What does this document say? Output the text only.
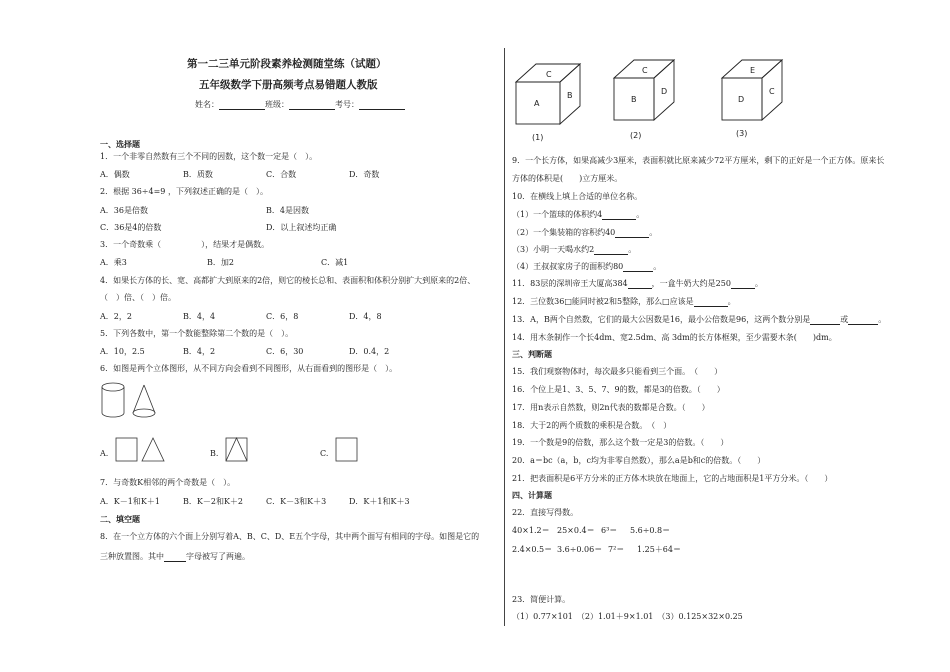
第一二三单元阶段素养检测随堂练（试题）
五年级数学下册高频考点易错题人教版
姓名：	班级：	考号：
一、选择题
1．一个非零自然数有三个不同的因数，这个数一定是（　）。
A．偶数	B．质数	C．合数	D．奇数
2．根据 36÷4=9 ，下列叙述正确的是（　）。
A．36是倍数	B．4是因数
C．36是4的倍数	D．以上叙述均正确
3．一个奇数乘（　　　　　），结果才是偶数。
A．乘3	B．加2	C．减1
4．如果长方体的长、宽、高都扩大到原来的2倍，则它的棱长总和、表面积和体积分别扩大到原来的2倍、
（　）倍、（　）倍。
A．2，2	B．4，4	C．6，8	D．4，8
5．下列各数中，第一个数能整除第二个数的是（　）。
A．10，2.5	B．4，2	C．6，30	D．0.4，2
6．如图是两个立体图形，从不同方向会看到不同图形，从右面看到的图形是（　）。
A.	B.	C.
7．与奇数K相邻的两个奇数是（　）。
A．K－1和K＋1	B．K－2和K＋2	C．K－3和K＋3	D．K＋1和K＋3
二、填空题
8．在一个立方体的六个面上分别写着A、B、C、D、E五个字母，其中两个面写有相同的字母。如图是它的
三种放置图。其中	字母被写了两遍。
C
A
B
(1)
C
B
D
(2)
E
D
C
(3)
9．一个长方体，如果高减少3厘米，表面积就比原来减少72平方厘米，剩下的正好是一个正方体。原来长
方体的体积是(　　)立方厘米。
10．在横线上填上合适的单位名称。
（1）一个篮球的体积约4	。
（2）一个集装箱的容积约40	。
（3）小明一天喝水约2	。
（4）王叔叔家房子的面积约80	。
11．83层的深圳帝王大厦高384	，一盒牛奶大约是250	。
12．三位数36□能同时被2和5整除，那么□应该是	。
13．A，B两个自然数，它们的最大公因数是16，最小公倍数是96，这两个数分别是	或	。
14．用木条制作一个长4dm、宽2.5dm、高 3dm的长方体框架，至少需要木条(　　)dm。
三、判断题
15．我们观察物体时，每次最多只能看到三个面。　（　　）
16．个位上是1、3、5、7、9的数，都是3的倍数。（　　）
17．用n表示自然数，则2n代表的数都是合数。（　　）
18．大于2的两个质数的乘积是合数。　（　）
19．一个数是9的倍数，那么这个数一定是3的倍数。（　　）
20．a＝bc（a，b，c均为非零自然数），那么a是b和c的倍数。（　　）
21．把表面积是6平方分米的正方体木块放在地面上，它的占地面积是1平方分米。（　　）
四、计算题
22．直接写得数。
40×1.2＝ 25×0.4＝ 6³＝ 5.6÷0.8＝
2.4×0.5＝ 3.6÷0.06＝ 7²＝ 1.25＋64＝
23．简便计算。
（1）0.77×101　（2）1.01＋9×1.01　（3）0.125×32×0.25
